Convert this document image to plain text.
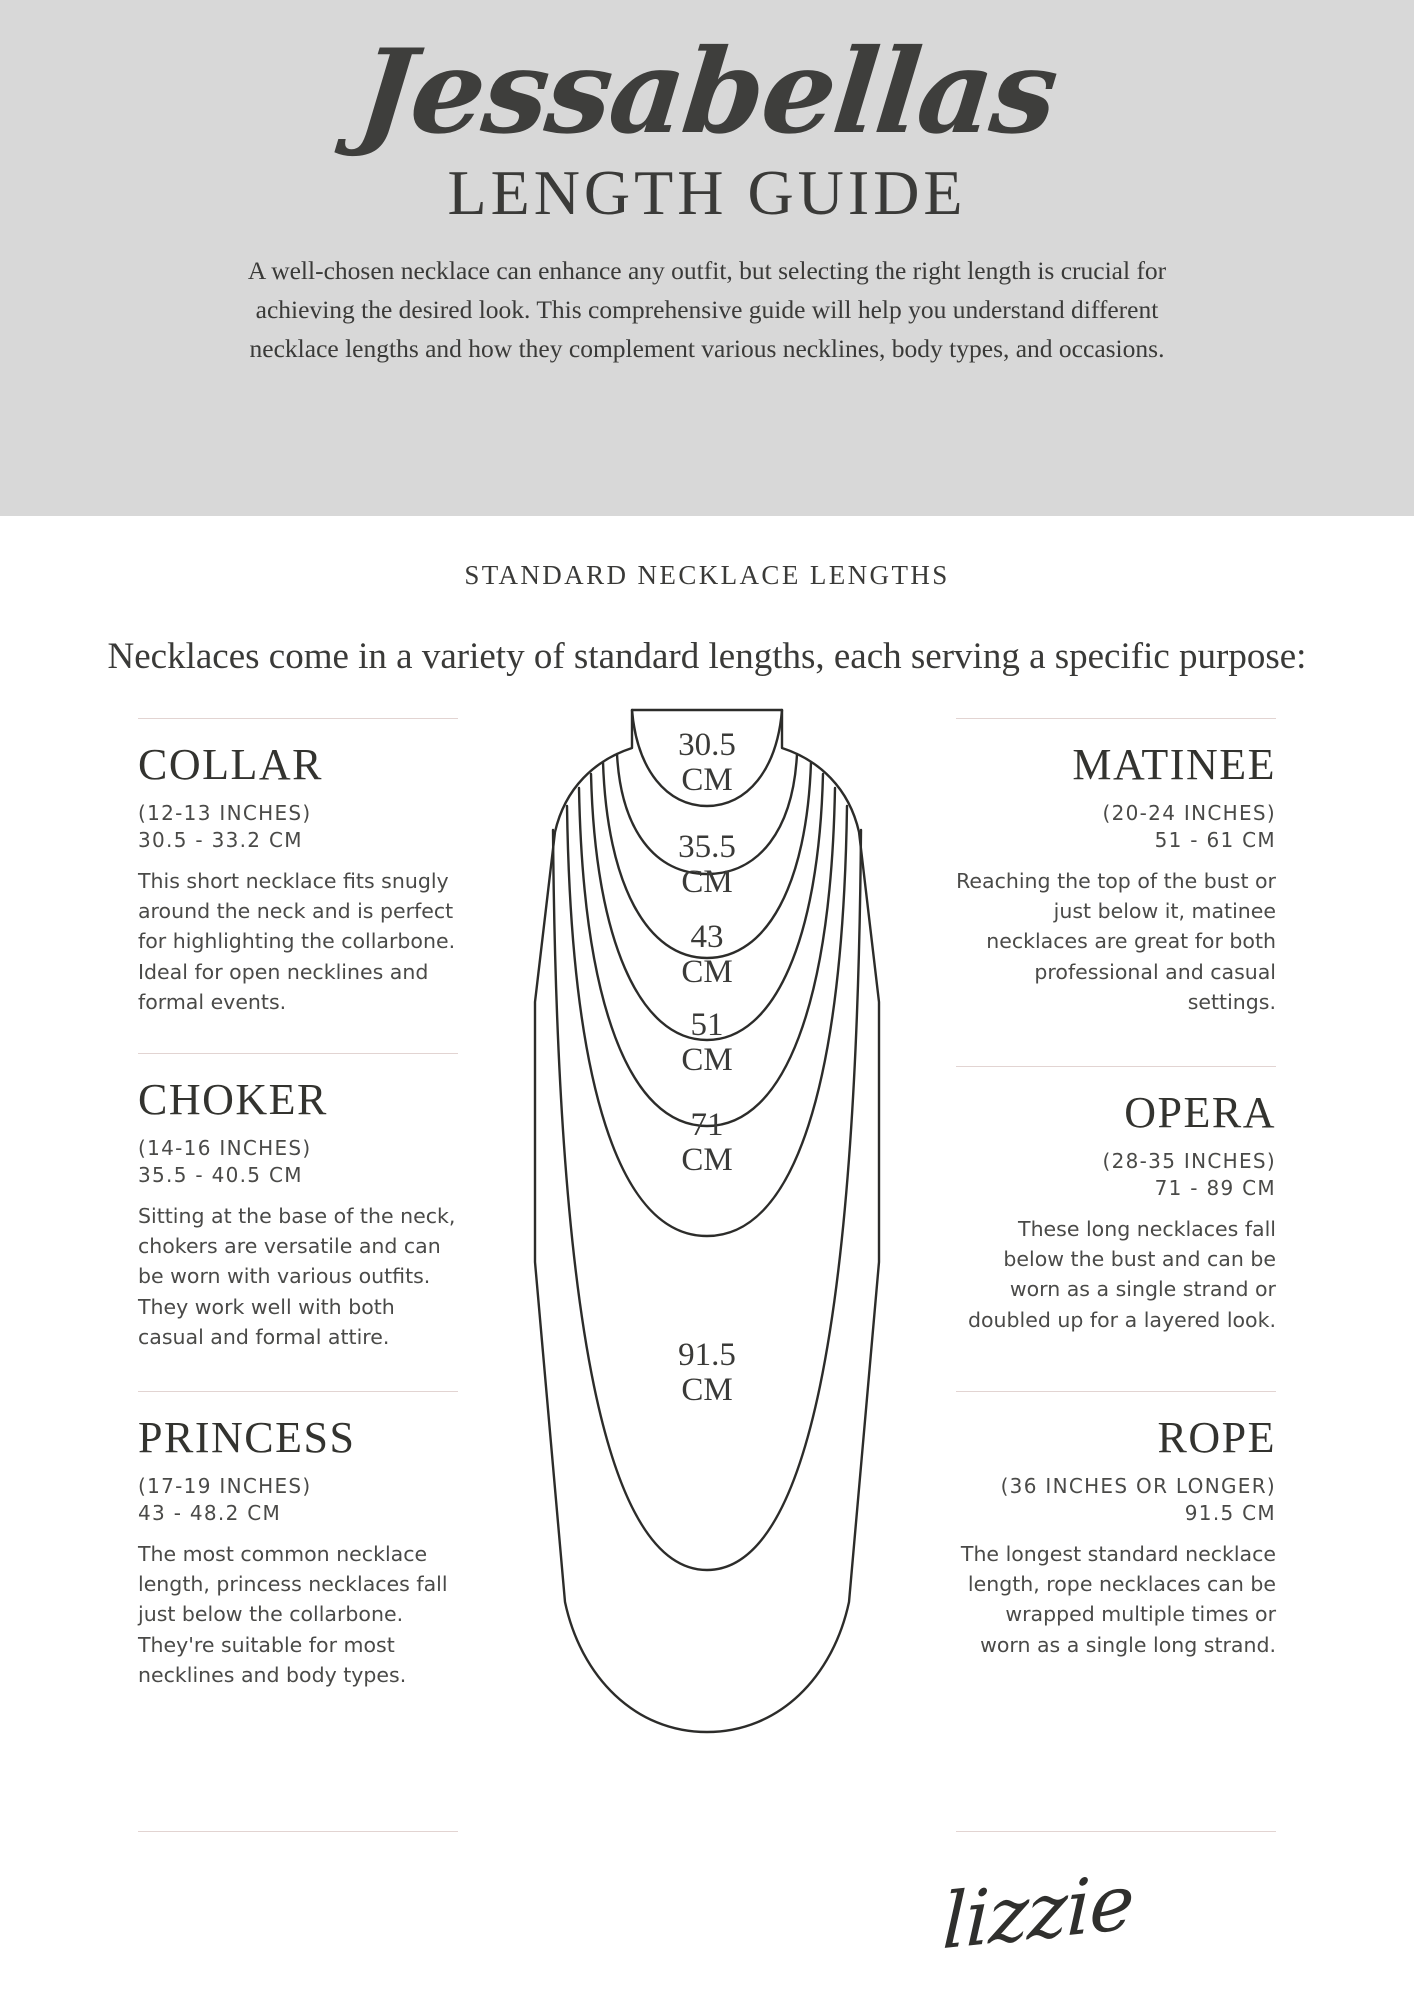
Jessabellas
LENGTH GUIDE

A well-chosen necklace can enhance any outfit, but selecting the right length is crucial for achieving the desired look. This comprehensive guide will help you understand different necklace lengths and how they complement various necklines, body types, and occasions.

STANDARD NECKLACE LENGTHS
Necklaces come in a variety of standard lengths, each serving a specific purpose:
COLLAR
(12-13 INCHES)
30.5 - 33.2 CM
This short necklace fits snugly around the neck and is perfect for highlighting the collarbone. Ideal for open necklines and formal events.
CHOKER
(14-16 INCHES)
35.5 - 40.5 CM
Sitting at the base of the neck, chokers are versatile and can be worn with various outfits. They work well with both casual and formal attire.
PRINCESS
(17-19 INCHES)
43 - 48.2 CM
The most common necklace length, princess necklaces fall just below the collarbone. They're suitable for most necklines and body types.
MATINEE
(20-24 INCHES)
51 - 61 CM
Reaching the top of the bust or just below it, matinee necklaces are great for both professional and casual settings.
OPERA
(28-35 INCHES)
71 - 89 CM
These long necklaces fall below the bust and can be worn as a single strand or doubled up for a layered look.
ROPE
(36 INCHES OR LONGER)
91.5 CM
The longest standard necklace length, rope necklaces can be wrapped multiple times or worn as a single long strand.
30.5
CM
35.5
CM
43
CM
51
CM
71
CM
91.5
CM
lizzie
